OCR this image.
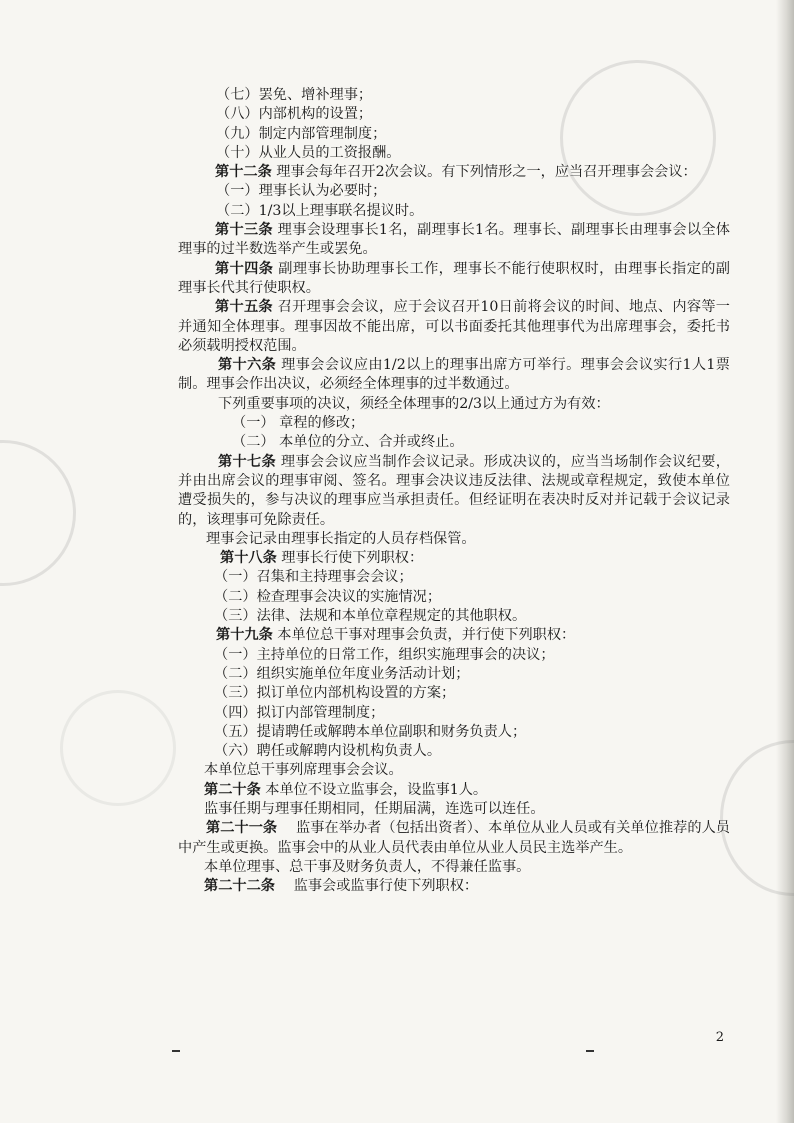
（七）罢免、增补理事；
（八）内部机构的设置；
（九）制定内部管理制度；
（十）从业人员的工资报酬。
第十二条 理事会每年召开2次会议。有下列情形之一，应当召开理事会会议：
（一）理事长认为必要时；
（二）1/3以上理事联名提议时。
第十三条 理事会设理事长1名，副理事长1名。理事长、副理事长由理事会以全体理事的过半数选举产生或罢免。
第十四条 副理事长协助理事长工作，理事长不能行使职权时，由理事长指定的副理事长代其行使职权。
第十五条 召开理事会会议，应于会议召开10日前将会议的时间、地点、内容等一并通知全体理事。理事因故不能出席，可以书面委托其他理事代为出席理事会，委托书必须载明授权范围。
第十六条 理事会会议应由1/2以上的理事出席方可举行。理事会会议实行1人1票制。理事会作出决议，必须经全体理事的过半数通过。
下列重要事项的决议，须经全体理事的2/3以上通过方为有效：
（一） 章程的修改；
（二） 本单位的分立、合并或终止。
第十七条 理事会会议应当制作会议记录。形成决议的，应当当场制作会议纪要，并由出席会议的理事审阅、签名。理事会决议违反法律、法规或章程规定，致使本单位遭受损失的，参与决议的理事应当承担责任。但经证明在表决时反对并记载于会议记录的，该理事可免除责任。
理事会记录由理事长指定的人员存档保管。
第十八条 理事长行使下列职权：
（一）召集和主持理事会会议；
（二）检查理事会决议的实施情况；
（三）法律、法规和本单位章程规定的其他职权。
第十九条 本单位总干事对理事会负责，并行使下列职权：
（一）主持单位的日常工作，组织实施理事会的决议；
（二）组织实施单位年度业务活动计划；
（三）拟订单位内部机构设置的方案；
（四）拟订内部管理制度；
（五）提请聘任或解聘本单位副职和财务负责人；
（六）聘任或解聘内设机构负责人。
本单位总干事列席理事会会议。
第二十条 本单位不设立监事会，设监事1人。
监事任期与理事任期相同，任期届满，连选可以连任。
第二十一条　 监事在举办者（包括出资者）、本单位从业人员或有关单位推荐的人员中产生或更换。监事会中的从业人员代表由单位从业人员民主选举产生。
本单位理事、总干事及财务负责人，不得兼任监事。
第二十二条　 监事会或监事行使下列职权：
2
